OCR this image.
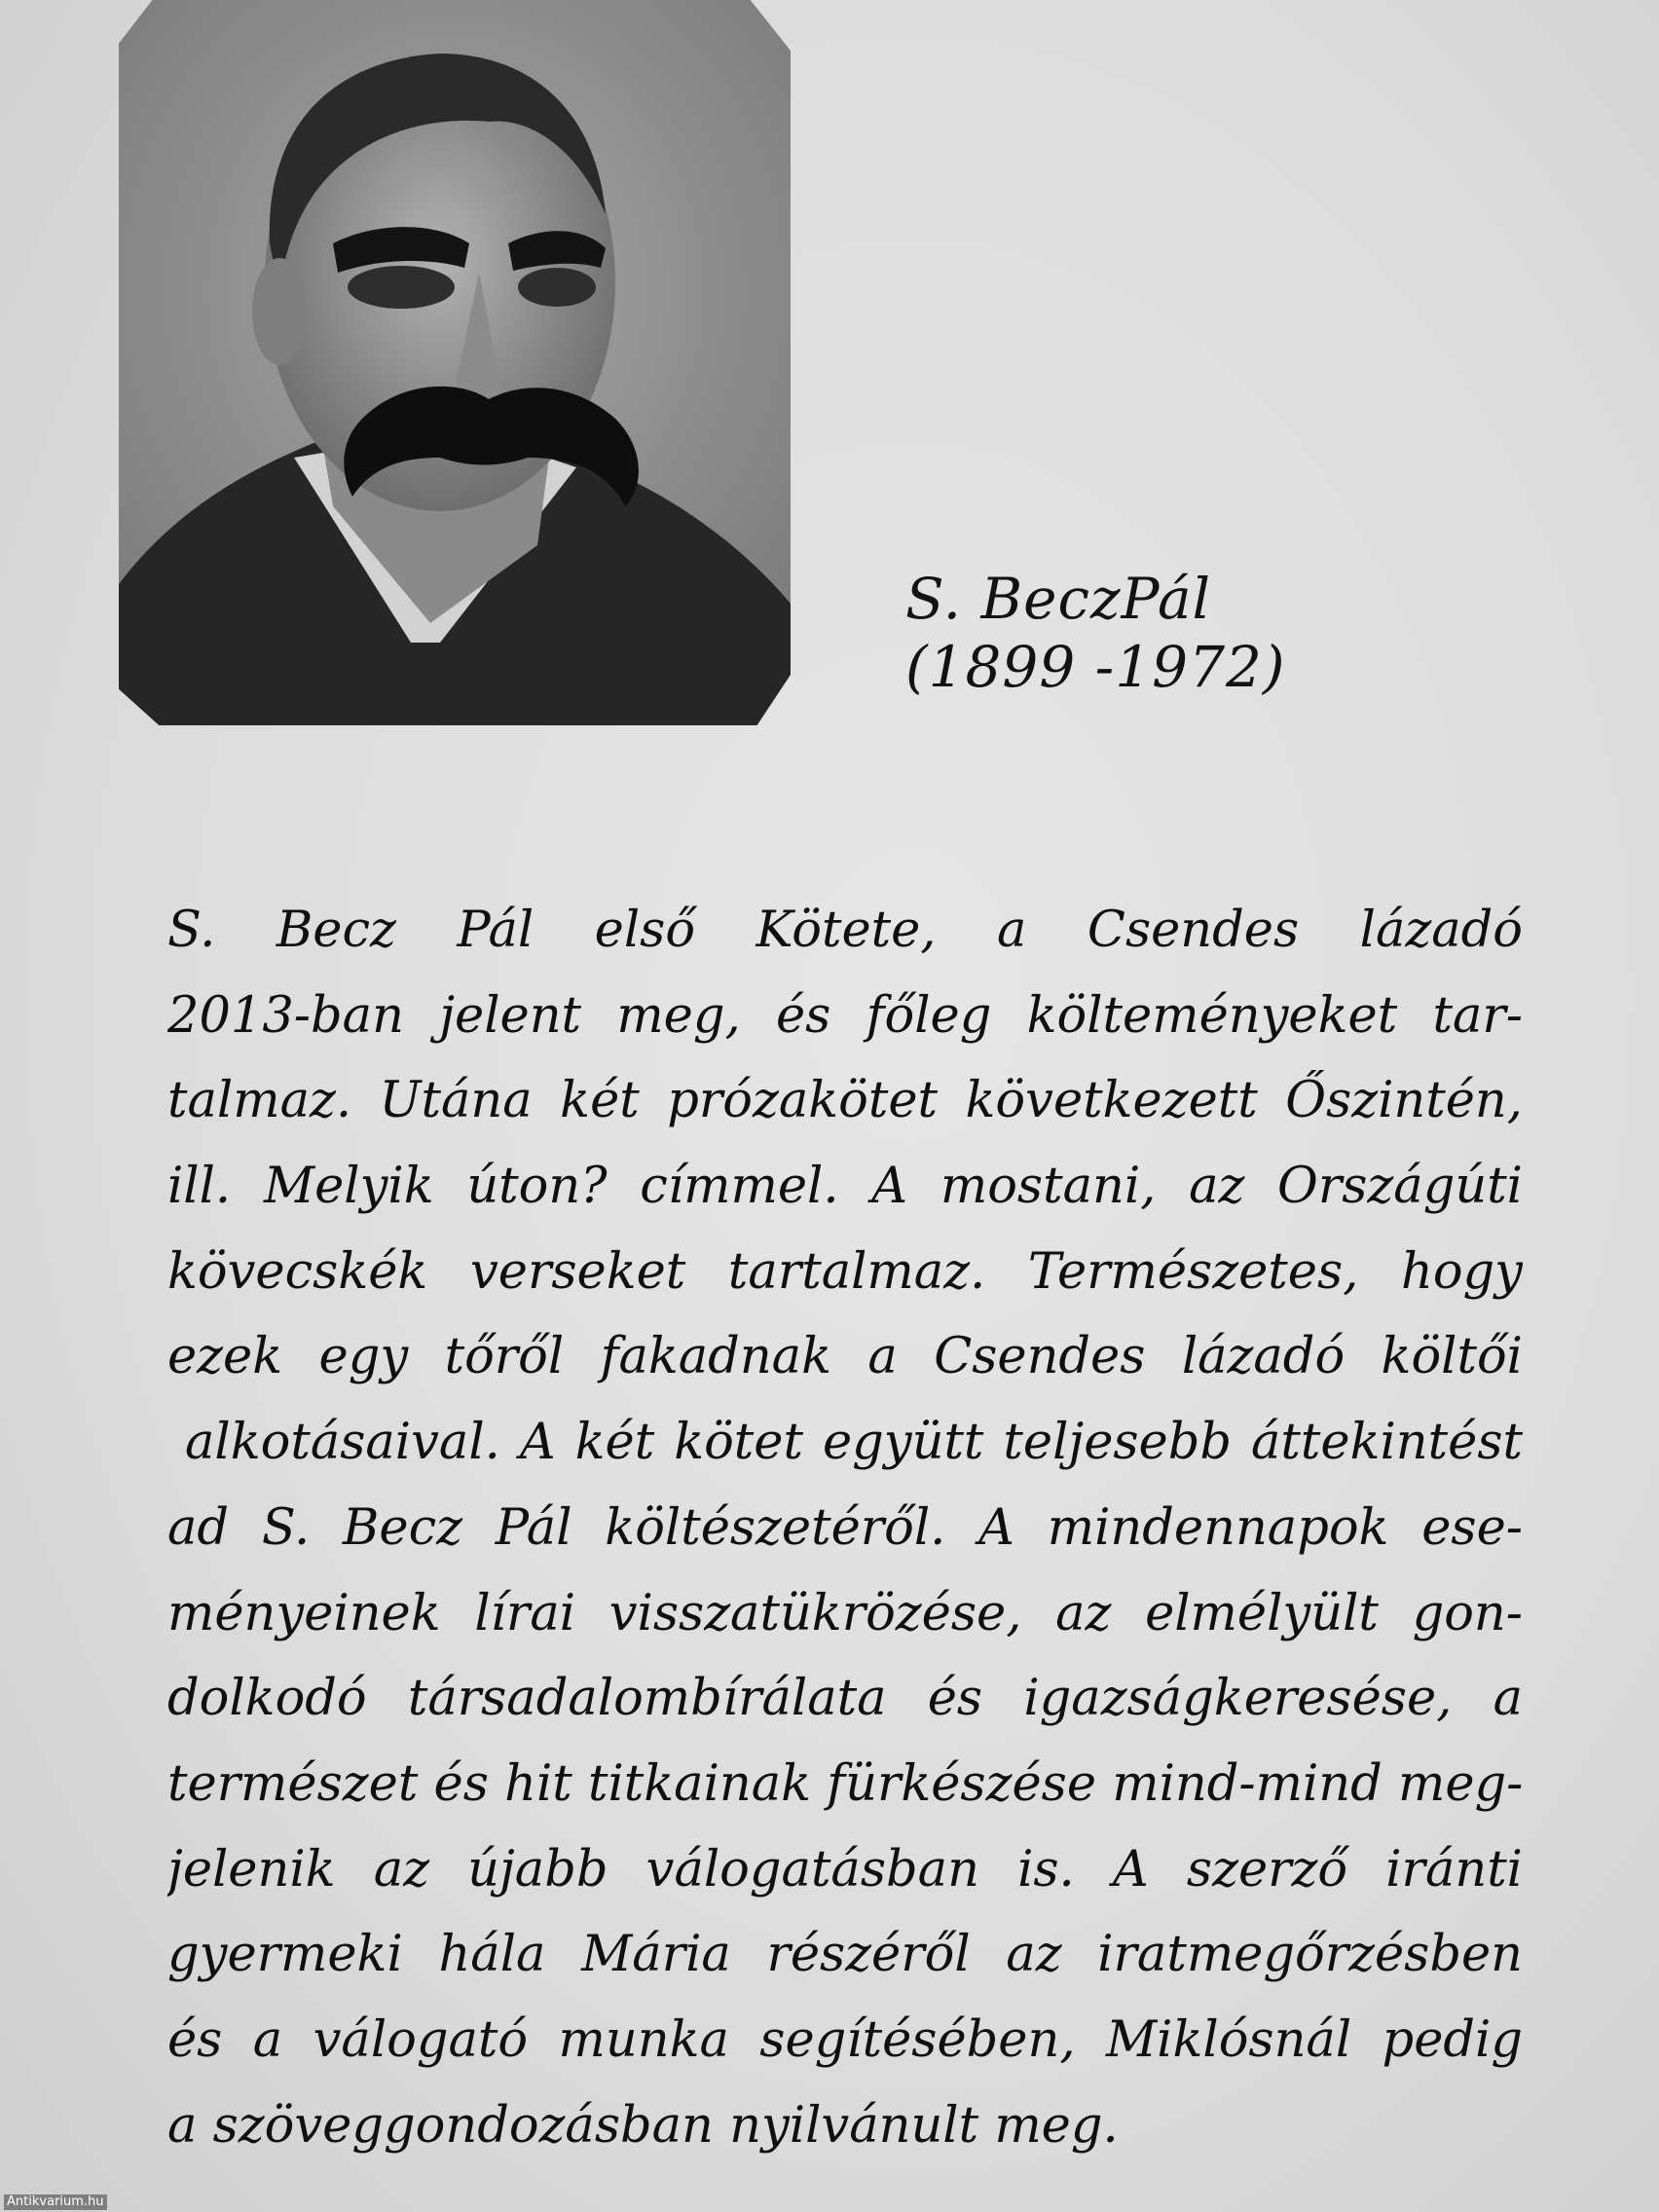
S. BeczPál
(1899 -1972)
S. Becz Pál első Kötete, a Csendes lázadó
2013-ban jelent meg, és főleg költeményeket tar-
talmaz. Utána két prózakötet következett Őszintén,
ill. Melyik úton? címmel. A mostani, az Országúti
kövecskék verseket tartalmaz. Természetes, hogy
ezek egy tőről fakadnak a Csendes lázadó költői
alkotásaival. A két kötet együtt teljesebb áttekintést
ad S. Becz Pál költészetéről. A mindennapok ese-
ményeinek lírai visszatükrözése, az elmélyült gon-
dolkodó társadalombírálata és igazságkeresése, a
természet és hit titkainak fürkészése mind-mind meg-
jelenik az újabb válogatásban is. A szerző iránti
gyermeki hála Mária részéről az iratmegőrzésben
és a válogató munka segítésében, Miklósnál pedig
a szöveggondozásban nyilvánult meg.
Antikvarium.hu
